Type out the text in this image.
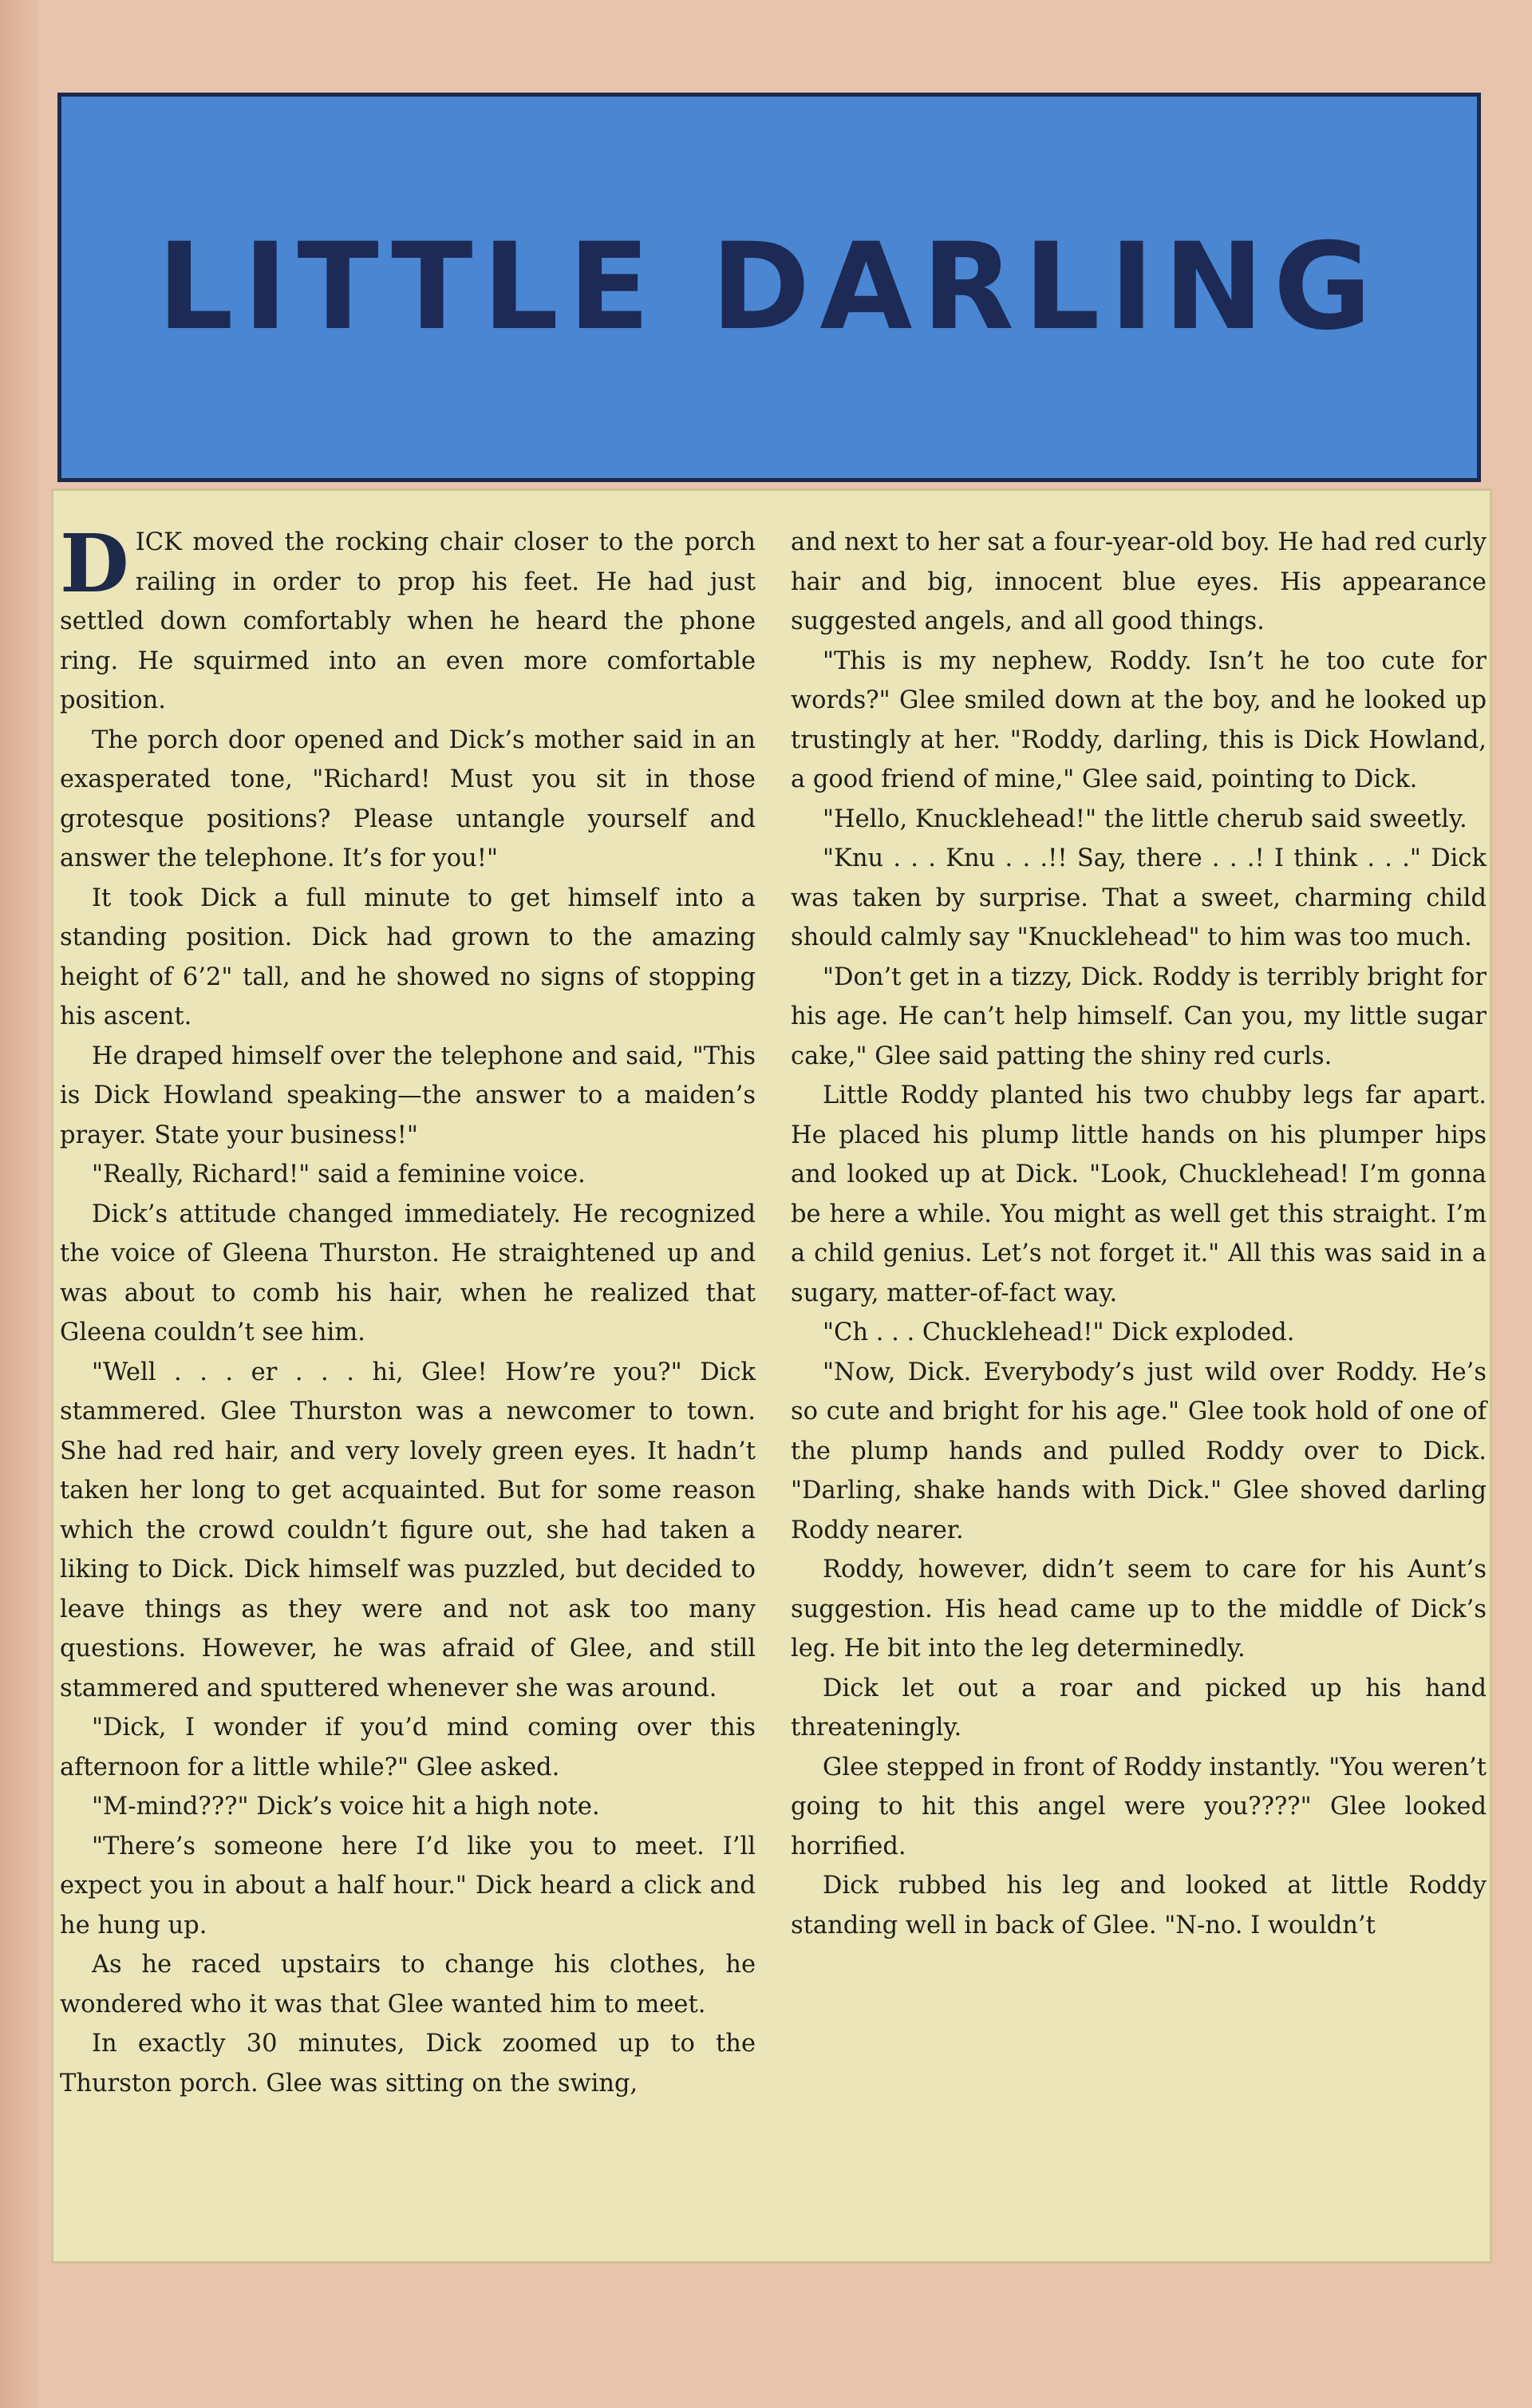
LITTLE DARLING

DICK moved the rocking chair closer to the porch railing in order to prop his feet. He had just settled down comfortably when he heard the phone ring. He squirmed into an even more comfortable position.

The porch door opened and Dick’s mother said in an exasperated tone, "Richard! Must you sit in those grotesque positions? Please untangle yourself and answer the telephone. It’s for you!"

It took Dick a full minute to get himself into a standing position. Dick had grown to the amazing height of 6’2" tall, and he showed no signs of stopping his ascent.

He draped himself over the telephone and said, "This is Dick Howland speaking—the answer to a maiden’s prayer. State your business!"

"Really, Richard!" said a feminine voice.

Dick’s attitude changed immediately. He recognized the voice of Gleena Thurston. He straightened up and was about to comb his hair, when he realized that Gleena couldn’t see him.

"Well . . . er . . . hi, Glee! How’re you?" Dick stammered. Glee Thurston was a newcomer to town. She had red hair, and very lovely green eyes. It hadn’t taken her long to get acquainted. But for some reason which the crowd couldn’t figure out, she had taken a liking to Dick. Dick himself was puzzled, but decided to leave things as they were and not ask too many questions. However, he was afraid of Glee, and still stammered and sputtered whenever she was around.

"Dick, I wonder if you’d mind coming over this afternoon for a little while?" Glee asked.

"M-mind???" Dick’s voice hit a high note.

"There’s someone here I’d like you to meet. I’ll expect you in about a half hour." Dick heard a click and he hung up.

As he raced upstairs to change his clothes, he wondered who it was that Glee wanted him to meet.

In exactly 30 minutes, Dick zoomed up to the Thurston porch. Glee was sitting on the swing,

and next to her sat a four-year-old boy. He had red curly hair and big, innocent blue eyes. His appearance suggested angels, and all good things.

"This is my nephew, Roddy. Isn’t he too cute for words?" Glee smiled down at the boy, and he looked up trustingly at her. "Roddy, darling, this is Dick Howland, a good friend of mine," Glee said, pointing to Dick.

"Hello, Knucklehead!" the little cherub said sweetly.

"Knu . . . Knu . . .!! Say, there . . .! I think . . ." Dick was taken by surprise. That a sweet, charming child should calmly say "Knucklehead" to him was too much.

"Don’t get in a tizzy, Dick. Roddy is terribly bright for his age. He can’t help himself. Can you, my little sugar cake," Glee said patting the shiny red curls.

Little Roddy planted his two chubby legs far apart. He placed his plump little hands on his plumper hips and looked up at Dick. "Look, Chucklehead! I’m gonna be here a while. You might as well get this straight. I’m a child genius. Let’s not forget it." All this was said in a sugary, matter-of-fact way.

"Ch . . . Chucklehead!" Dick exploded.

"Now, Dick. Everybody’s just wild over Roddy. He’s so cute and bright for his age." Glee took hold of one of the plump hands and pulled Roddy over to Dick. "Darling, shake hands with Dick." Glee shoved darling Roddy nearer.

Roddy, however, didn’t seem to care for his Aunt’s suggestion. His head came up to the middle of Dick’s leg. He bit into the leg determinedly.

Dick let out a roar and picked up his hand threateningly.

Glee stepped in front of Roddy instantly. "You weren’t going to hit this angel were you????" Glee looked horrified.

Dick rubbed his leg and looked at little Roddy standing well in back of Glee. "N-no. I wouldn’t
